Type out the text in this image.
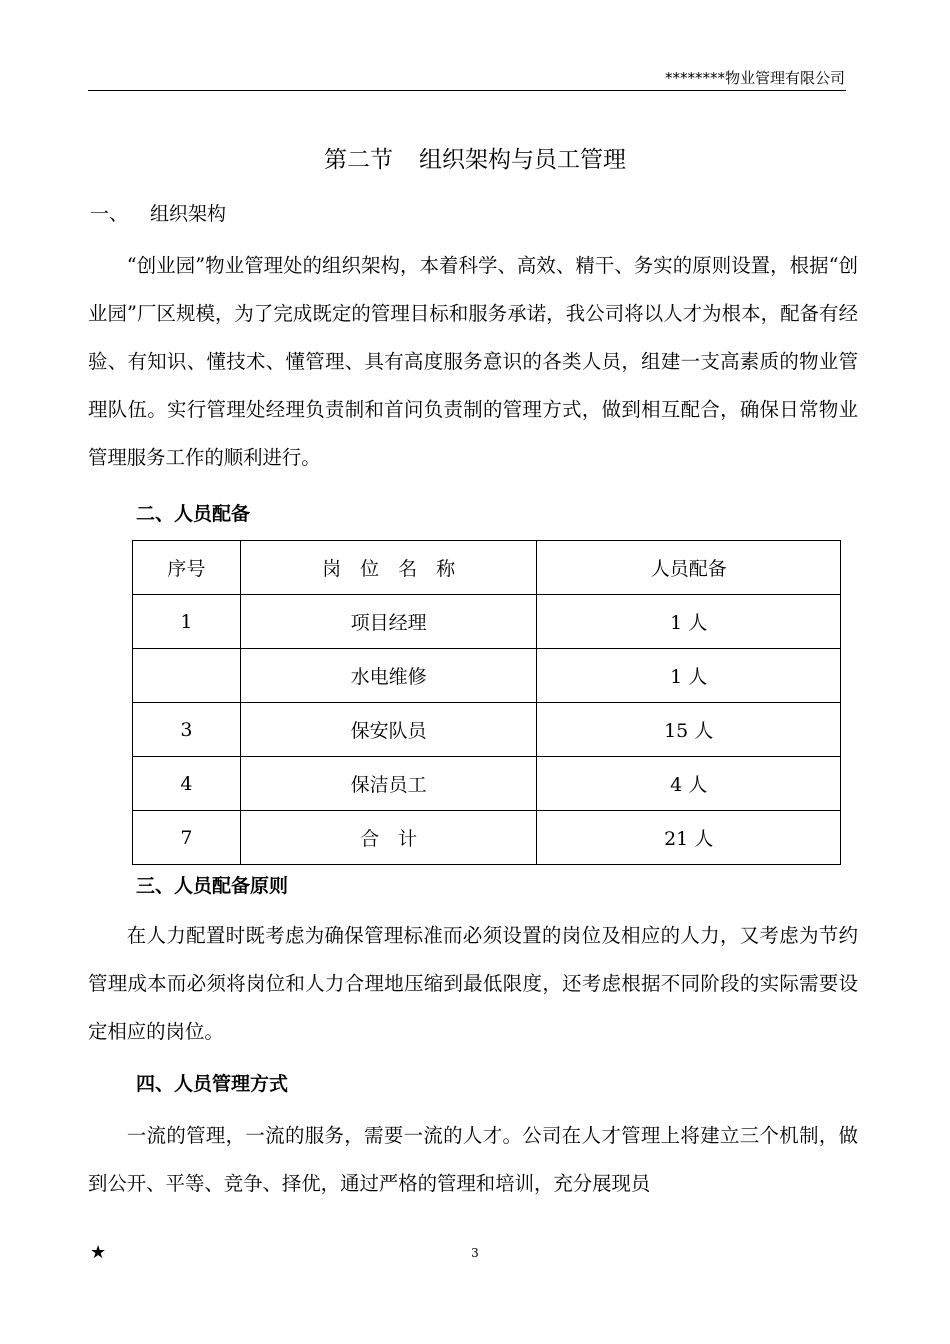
********物业管理有限公司
第二节 组织架构与员工管理
一、 组织架构

“创业园”物业管理处的组织架构，本着科学、高效、精干、务实的原则设置，根据“创业园”厂区规模，为了完成既定的管理目标和服务承诺，我公司将以人才为根本，配备有经验、有知识、懂技术、懂管理、具有高度服务意识的各类人员，组建一支高素质的物业管理队伍。实行管理处经理负责制和首问负责制的管理方式，做到相互配合，确保日常物业管理服务工作的顺利进行。

二、人员配备
序号	岗　位　名　称	人员配备
1	项目经理	1 人
	水电维修	1 人
3	保安队员	15 人
4	保洁员工	4 人
7	合　计	21 人
三、人员配备原则

在人力配置时既考虑为确保管理标准而必须设置的岗位及相应的人力，又考虑为节约管理成本而必须将岗位和人力合理地压缩到最低限度，还考虑根据不同阶段的实际需要设定相应的岗位。

四、人员管理方式

一流的管理，一流的服务，需要一流的人才。公司在人才管理上将建立三个机制，做到公开、平等、竞争、择优，通过严格的管理和培训，充分展现员

★	3
